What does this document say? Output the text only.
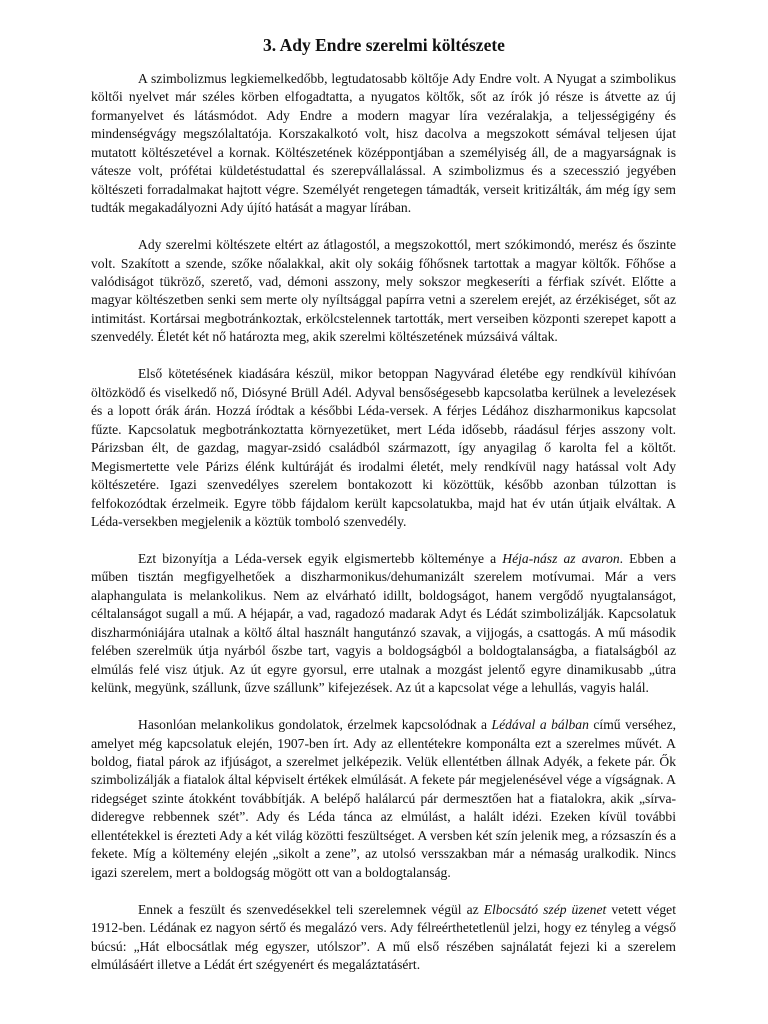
3. Ady Endre szerelmi költészete

A szimbolizmus legkiemelkedőbb, legtudatosabb költője Ady Endre volt. A Nyugat a szimbolikus költői nyelvet már széles körben elfogadtatta, a nyugatos költők, sőt az írók jó része is átvette az új formanyelvet és látásmódot. Ady Endre a modern magyar líra vezéralakja, a teljességigény és mindenségvágy megszólaltatója. Korszakalkotó volt, hisz dacolva a megszokott sémával teljesen újat mutatott költészetével a kornak. Költészetének középpontjában a személyiség áll, de a magyarságnak is vátesze volt, prófétai küldetéstudattal és szerepvállalással. A szimbolizmus és a szecesszió jegyében költészeti forradalmakat hajtott végre. Személyét rengetegen támadták, verseit kritizálták, ám még így sem tudták megakadályozni Ady újító hatását a magyar lírában.

Ady szerelmi költészete eltért az átlagostól, a megszokottól, mert szókimondó, merész és őszinte volt. Szakított a szende, szőke nőalakkal, akit oly sokáig főhősnek tartottak a magyar költők. Főhőse a valódiságot tükröző, szerető, vad, démoni asszony, mely sokszor megkeseríti a férfiak szívét. Előtte a magyar költészetben senki sem merte oly nyíltsággal papírra vetni a szerelem erejét, az érzékiséget, sőt az intimitást. Kortársai megbotránkoztak, erkölcstelennek tartották, mert verseiben központi szerepet kapott a szenvedély. Életét két nő határozta meg, akik szerelmi költészetének múzsáivá váltak.

Első kötetésének kiadására készül, mikor betoppan Nagyvárad életébe egy rendkívül kihívóan öltözködő és viselkedő nő, Diósyné Brüll Adél. Adyval bensőségesebb kapcsolatba kerülnek a levelezések és a lopott órák árán. Hozzá íródtak a későbbi Léda-versek. A férjes Lédához diszharmonikus kapcsolat fűzte. Kapcsolatuk megbotránkoztatta környezetüket, mert Léda idősebb, ráadásul férjes asszony volt. Párizsban élt, de gazdag, magyar-zsidó családból származott, így anyagilag ő karolta fel a költőt. Megismertette vele Párizs élénk kultúráját és irodalmi életét, mely rendkívül nagy hatással volt Ady költészetére. Igazi szenvedélyes szerelem bontakozott ki közöttük, később azonban túlzottan is felfokozódtak érzelmeik. Egyre több fájdalom került kapcsolatukba, majd hat év után útjaik elváltak. A Léda-versekben megjelenik a köztük tomboló szenvedély.

Ezt bizonyítja a Léda-versek egyik elgismertebb költeménye a Héja-nász az avaron. Ebben a műben tisztán megfigyelhetőek a diszharmonikus/dehumanizált szerelem motívumai. Már a vers alaphangulata is melankolikus. Nem az elvárható idillt, boldogságot, hanem vergődő nyugtalanságot, céltalanságot sugall a mű. A héjapár, a vad, ragadozó madarak Adyt és Lédát szimbolizálják. Kapcsolatuk diszharmóniájára utalnak a költő által használt hangutánzó szavak, a vijjogás, a csattogás. A mű második felében szerelmük útja nyárból őszbe tart, vagyis a boldogságból a boldogtalanságba, a fiatalságból az elmúlás felé visz útjuk. Az út egyre gyorsul, erre utalnak a mozgást jelentő egyre dinamikusabb „útra kelünk, megyünk, szállunk, űzve szállunk” kifejezések. Az út a kapcsolat vége a lehullás, vagyis halál.

Hasonlóan melankolikus gondolatok, érzelmek kapcsolódnak a Lédával a bálban című verséhez, amelyet még kapcsolatuk elején, 1907-ben írt. Ady az ellentétekre komponálta ezt a szerelmes művét. A boldog, fiatal párok az ifjúságot, a szerelmet jelképezik. Velük ellentétben állnak Adyék, a fekete pár. Ők szimbolizálják a fiatalok által képviselt értékek elmúlását. A fekete pár megjelenésével vége a vígságnak. A ridegséget szinte átokként továbbítják. A belépő halálarcú pár dermesztően hat a fiatalokra, akik „sírva-dideregve rebbennek szét”. Ady és Léda tánca az elmúlást, a halált idézi. Ezeken kívül további ellentétekkel is érezteti Ady a két világ közötti feszültséget. A versben két szín jelenik meg, a rózsaszín és a fekete. Míg a költemény elején „sikolt a zene”, az utolsó versszakban már a némaság uralkodik. Nincs igazi szerelem, mert a boldogság mögött ott van a boldogtalanság.

Ennek a feszült és szenvedésekkel teli szerelemnek végül az Elbocsátó szép üzenet vetett véget 1912-ben. Lédának ez nagyon sértő és megalázó vers. Ady félreérthetetlenül jelzi, hogy ez tényleg a végső búcsú: „Hát elbocsátlak még egyszer, utólszor”. A mű első részében sajnálatát fejezi ki a szerelem elmúlásáért illetve a Lédát ért szégyenért és megaláztatásért.
